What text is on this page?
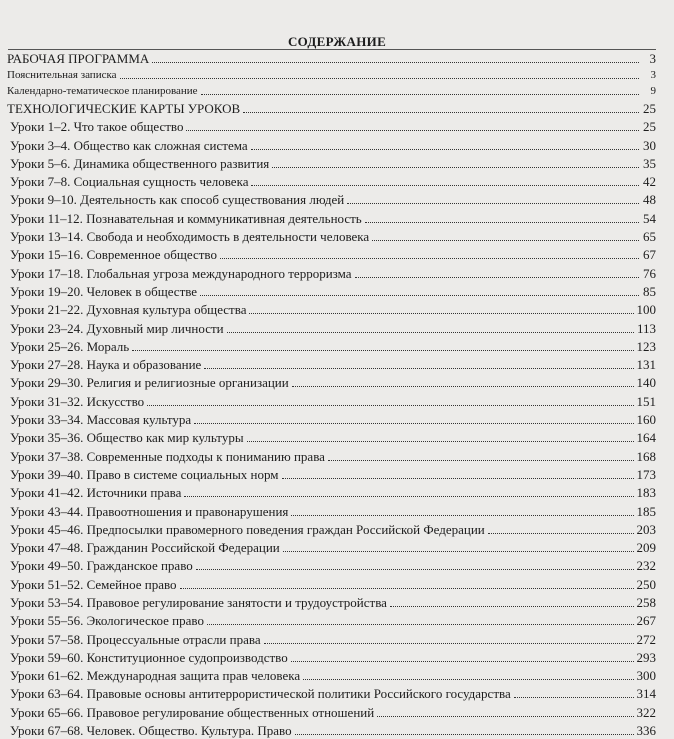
СОДЕРЖАНИЕ
РАБОЧАЯ ПРОГРАММА	3
Пояснительная записка	3
Календарно-тематическое планирование	9
ТЕХНОЛОГИЧЕСКИЕ КАРТЫ УРОКОВ	25
Уроки 1–2. Что такое общество	25
Уроки 3–4. Общество как сложная система	30
Уроки 5–6. Динамика общественного развития	35
Уроки 7–8. Социальная сущность человека	42
Уроки 9–10. Деятельность как способ существования людей	48
Уроки 11–12. Познавательная и коммуникативная деятельность	54
Уроки 13–14. Свобода и необходимость в деятельности человека	65
Уроки 15–16. Современное общество	67
Уроки 17–18. Глобальная угроза международного терроризма	76
Уроки 19–20. Человек в обществе	85
Уроки 21–22. Духовная культура общества	100
Уроки 23–24. Духовный мир личности	113
Уроки 25–26. Мораль	123
Уроки 27–28. Наука и образование	131
Уроки 29–30. Религия и религиозные организации	140
Уроки 31–32. Искусство	151
Уроки 33–34. Массовая культура	160
Уроки 35–36. Общество как мир культуры	164
Уроки 37–38. Современные подходы к пониманию права	168
Уроки 39–40. Право в системе социальных норм	173
Уроки 41–42. Источники права	183
Уроки 43–44. Правоотношения и правонарушения	185
Уроки 45–46. Предпосылки правомерного поведения граждан Российской Федерации	203
Уроки 47–48. Гражданин Российской Федерации	209
Уроки 49–50. Гражданское право	232
Уроки 51–52. Семейное право	250
Уроки 53–54. Правовое регулирование занятости и трудоустройства	258
Уроки 55–56. Экологическое право	267
Уроки 57–58. Процессуальные отрасли права	272
Уроки 59–60. Конституционное судопроизводство	293
Уроки 61–62. Международная защита прав человека	300
Уроки 63–64. Правовые основы антитеррористической политики Российского государства	314
Уроки 65–66. Правовое регулирование общественных отношений	322
Уроки 67–68. Человек. Общество. Культура. Право	336
